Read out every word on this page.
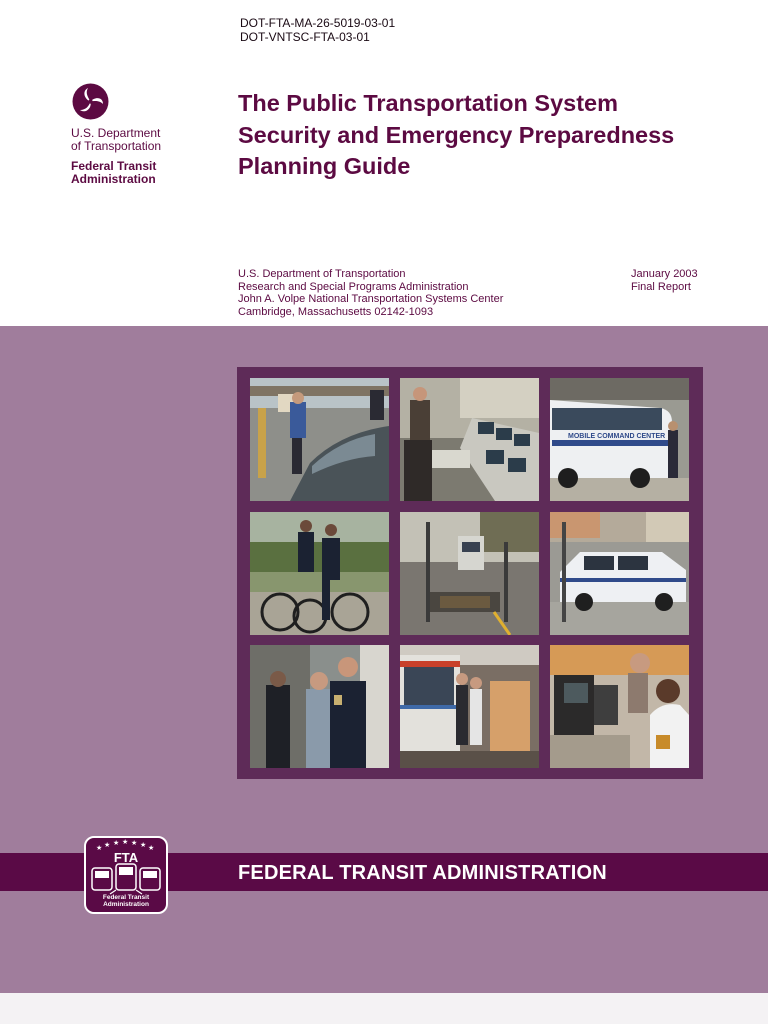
DOT-FTA-MA-26-5019-03-01
DOT-VNTSC-FTA-03-01
U.S. Department
of Transportation
Federal Transit
Administration
The Public Transportation System
Security and Emergency Preparedness
Planning Guide
U.S. Department of Transportation
Research and Special Programs Administration
John A. Volpe National Transportation Systems Center
Cambridge, Massachusetts 02142-1093
January 2003
Final Report
MOBILE COMMAND CENTER
FEDERAL TRANSIT ADMINISTRATION
★ ★ ★ ★ ★ ★ ★
FTA
Federal Transit
Administration
